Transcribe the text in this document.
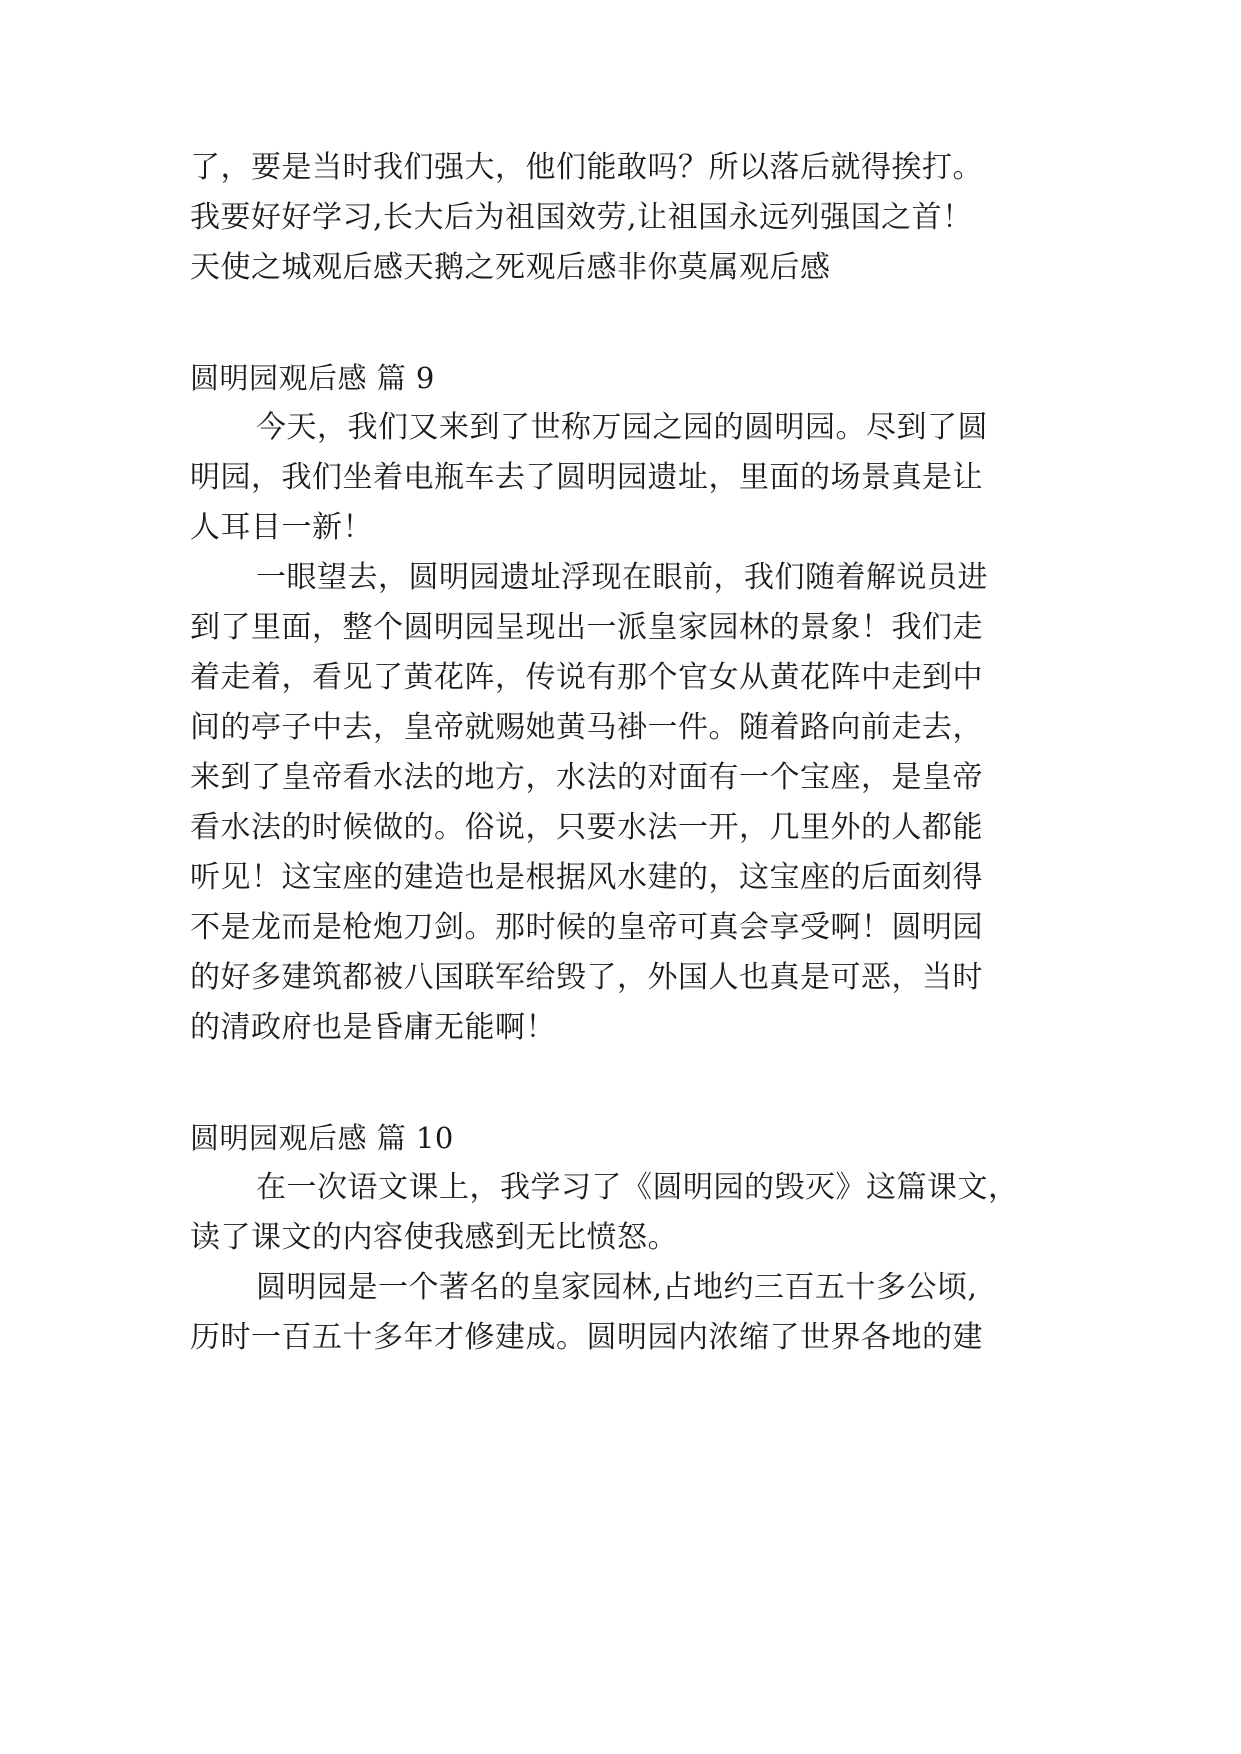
了，要是当时我们强大，他们能敢吗？所以落后就得挨打。

我要好好学习,长大后为祖国效劳,让祖国永远列强国之首！

天使之城观后感天鹅之死观后感非你莫属观后感

圆明园观后感 篇 9

今天，我们又来到了世称万园之园的圆明园。尽到了圆

明园，我们坐着电瓶车去了圆明园遗址，里面的场景真是让

人耳目一新！

一眼望去，圆明园遗址浮现在眼前，我们随着解说员进

到了里面，整个圆明园呈现出一派皇家园林的景象！我们走

着走着，看见了黄花阵，传说有那个官女从黄花阵中走到中

间的亭子中去，皇帝就赐她黄马褂一件。随着路向前走去，

来到了皇帝看水法的地方，水法的对面有一个宝座，是皇帝

看水法的时候做的。俗说，只要水法一开，几里外的人都能

听见！这宝座的建造也是根据风水建的，这宝座的后面刻得

不是龙而是枪炮刀剑。那时候的皇帝可真会享受啊！圆明园

的好多建筑都被八国联军给毁了，外国人也真是可恶，当时

的清政府也是昏庸无能啊！

圆明园观后感 篇 10

在一次语文课上，我学习了《圆明园的毁灭》这篇课文，

读了课文的内容使我感到无比愤怒。

圆明园是一个著名的皇家园林,占地约三百五十多公顷,

历时一百五十多年才修建成。圆明园内浓缩了世界各地的建
